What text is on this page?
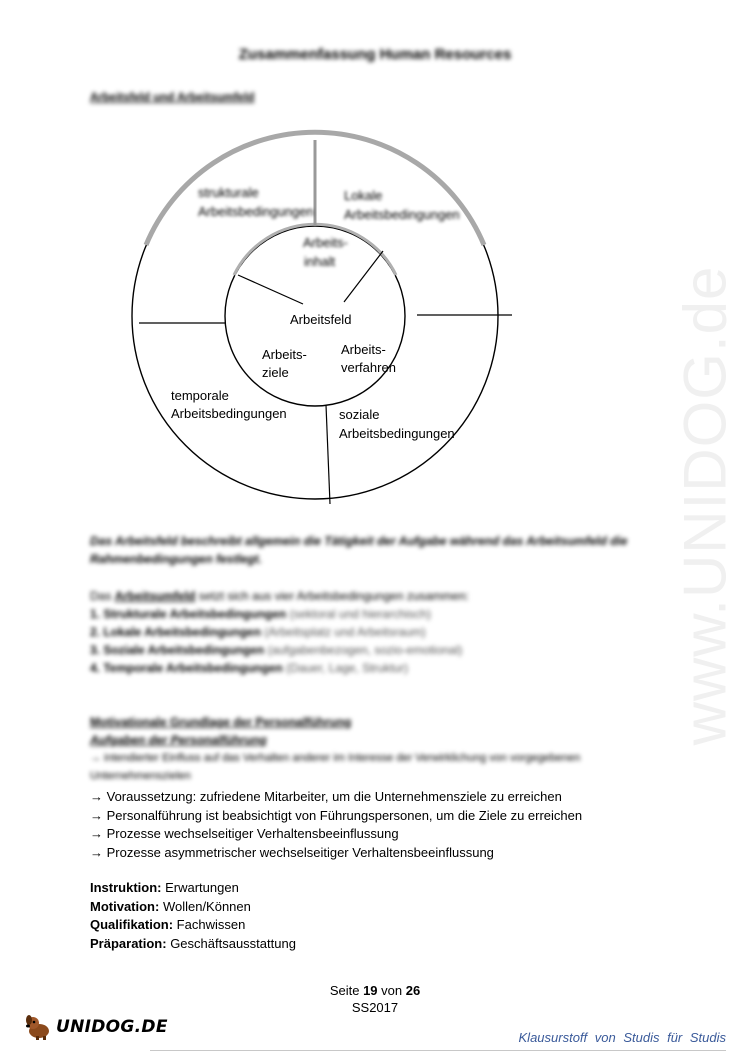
www.UNIDOG.de
Zusammenfassung Human Resources
Arbeitsfeld und Arbeitsumfeld
strukturale
Arbeitsbedingungen
Lokale
Arbeitsbedingungen
Arbeits-
inhalt
Arbeitsfeld
Arbeits-
ziele
Arbeits-
verfahren
temporale
Arbeitsbedingungen	soziale
Arbeitsbedingungen
Das Arbeitsfeld beschreibt allgemein die Tätigkeit der Aufgabe während das Arbeitsumfeld die Rahmenbedingungen festlegt.
Das Arbeitsumfeld setzt sich aus vier Arbeitsbedingungen zusammen:
1. Strukturale Arbeitsbedingungen (sektoral und hierarchisch)
2. Lokale Arbeitsbedingungen (Arbeitsplatz und Arbeitsraum)
3. Soziale Arbeitsbedingungen (aufgabenbezogen, sozio-emotional)
4. Temporale Arbeitsbedingungen (Dauer, Lage, Struktur)
Motivationale Grundlage der Personalführung
Aufgaben der Personalführung
→ intendierter Einfluss auf das Verhalten anderer im Interesse der Verwirklichung von vorgegebenen Unternehmenszielen
→ Voraussetzung: zufriedene Mitarbeiter, um die Unternehmensziele zu erreichen
→ Personalführung ist beabsichtigt von Führungspersonen, um die Ziele zu erreichen
→ Prozesse wechselseitiger Verhaltensbeeinflussung
→ Prozesse asymmetrischer wechselseitiger Verhaltensbeeinflussung
Instruktion: Erwartungen
Motivation: Wollen/Können
Qualifikation: Fachwissen
Präparation: Geschäftsausstattung
Seite 19 von 26
SS2017
UNIDOG.DE
Klausurstoff von Studis für Studis
